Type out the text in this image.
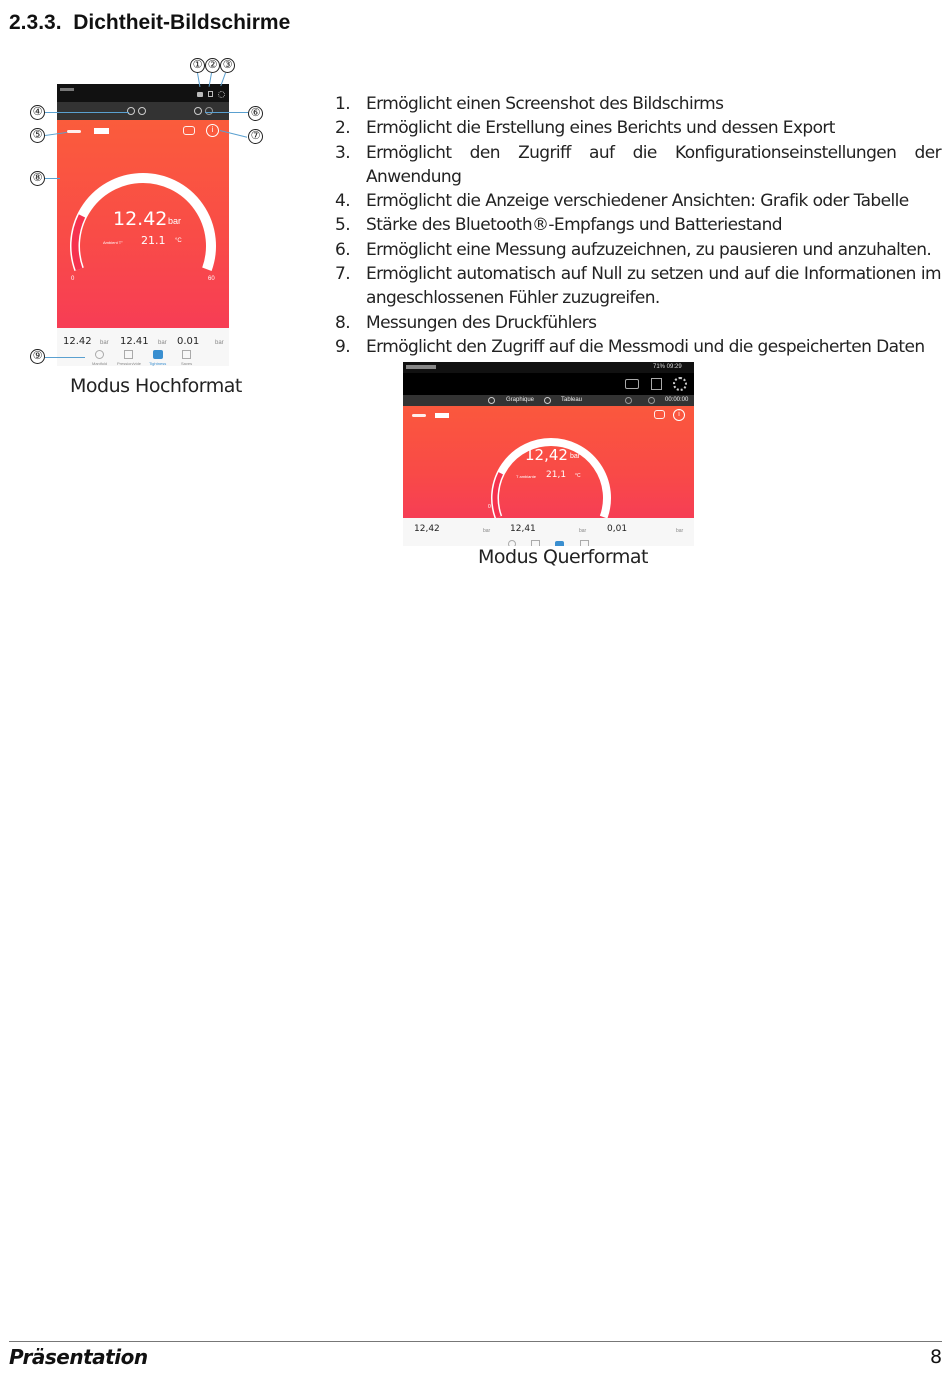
2.3.3. Dichtheit-Bildschirme
i
12.42 bar
Ambient T° 21.1 °C
0	60
12.42 bar 12.41 bar 0.01	bar
Manifold Pression/vide Tightness	Saves
① ② ③
④
⑤
⑥
⑦
⑧
⑨
Modus Hochformat
1. Ermöglicht einen Screenshot des Bildschirms
2. Ermöglicht die Erstellung eines Berichts und dessen Export
3. Ermöglicht den Zugriff auf die Konfigurationseinstellungen der Anwendung
4. Ermöglicht die Anzeige verschiedener Ansichten: Grafik oder Tabelle
5. Stärke des Bluetooth®-Empfangs und Batteriestand
6. Ermöglicht eine Messung aufzuzeichnen, zu pausieren und anzuhalten.
7. Ermöglicht automatisch auf Null zu setzen und auf die Informationen im angeschlossenen Fühler zuzugreifen.
8. Messungen des Druckfühlers
9. Ermöglicht den Zugriff auf die Messmodi und die gespeicherten Daten
71% 09:29
Graphique	Tableau	00:00:00
i
12,42 bar
T ambiante 21,1 °C
0	60
12,42	bar 12,41	bar 0,01	bar
Modus Querformat
Präsentation	8
